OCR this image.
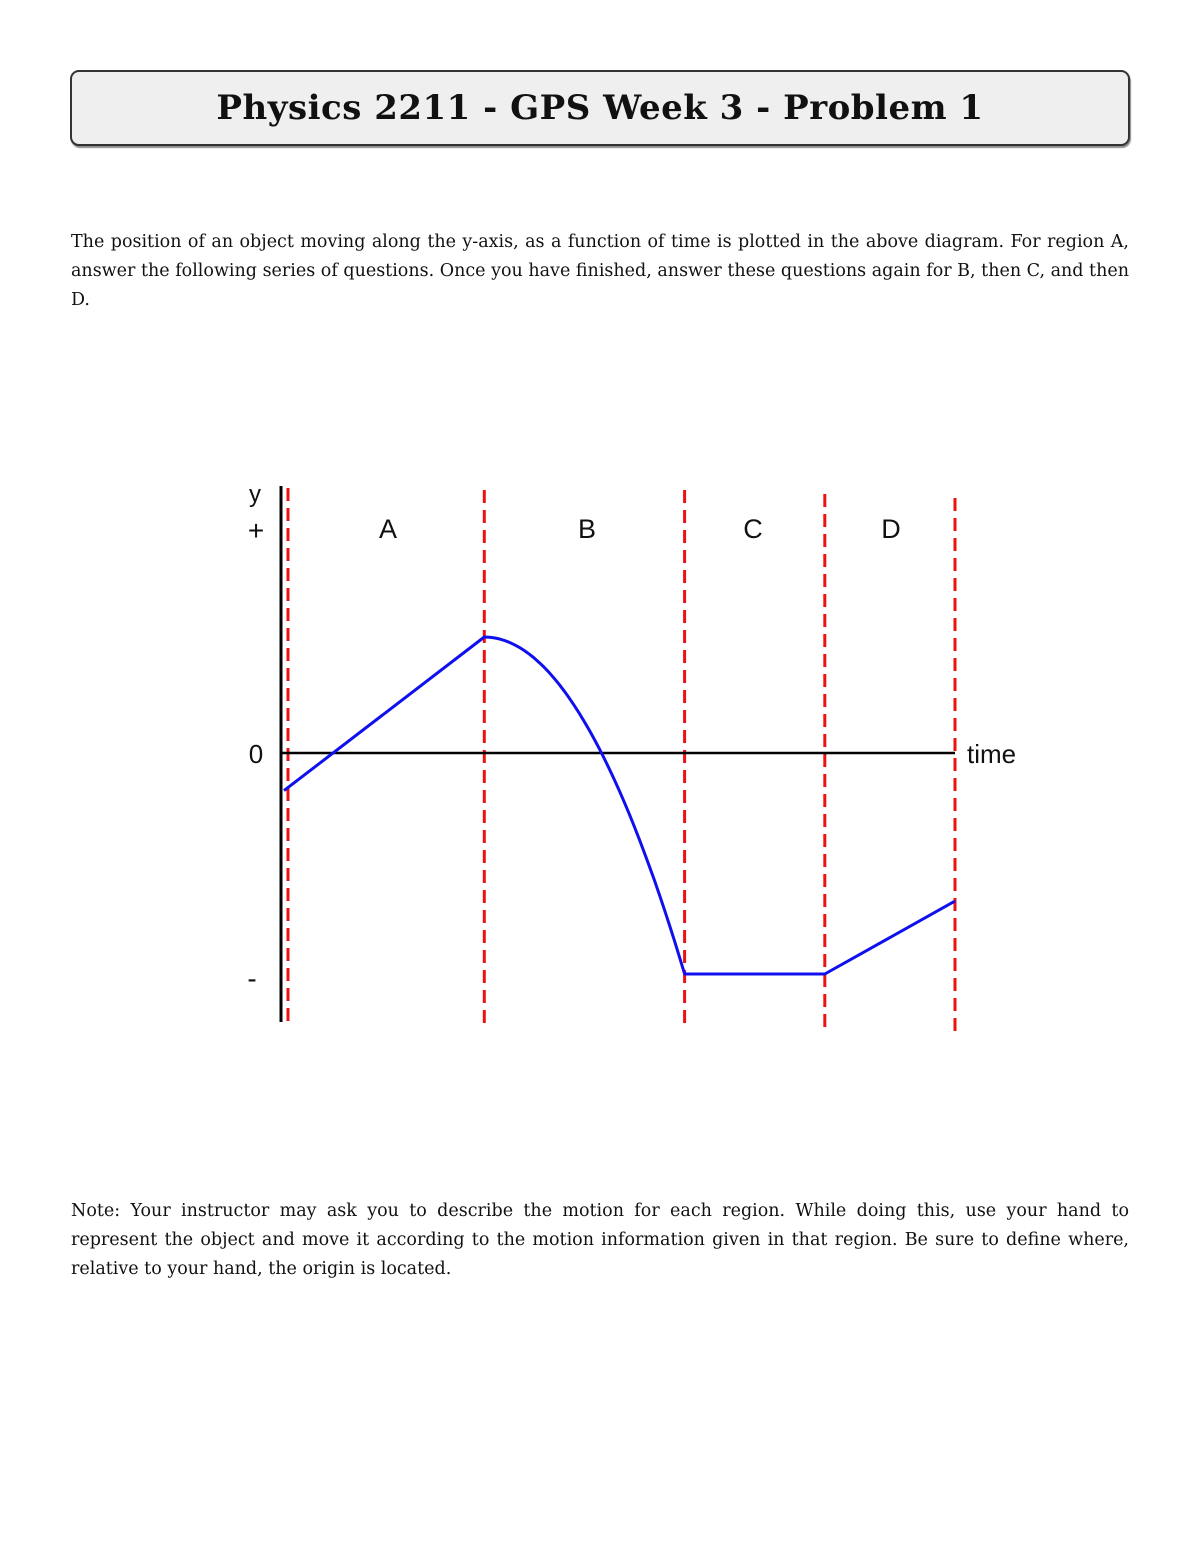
Physics 2211 - GPS Week 3 - Problem 1

The position of an object moving along the y-axis, as a function of time is plotted in the above diagram. For region A, answer the following series of questions. Once you have finished, answer these questions again for B, then C, and then D.

y
+
0
-
time
A	B	C	D

Note: Your instructor may ask you to describe the motion for each region. While doing this, use your hand to represent the object and move it according to the motion information given in that region. Be sure to define where, relative to your hand, the origin is located.
